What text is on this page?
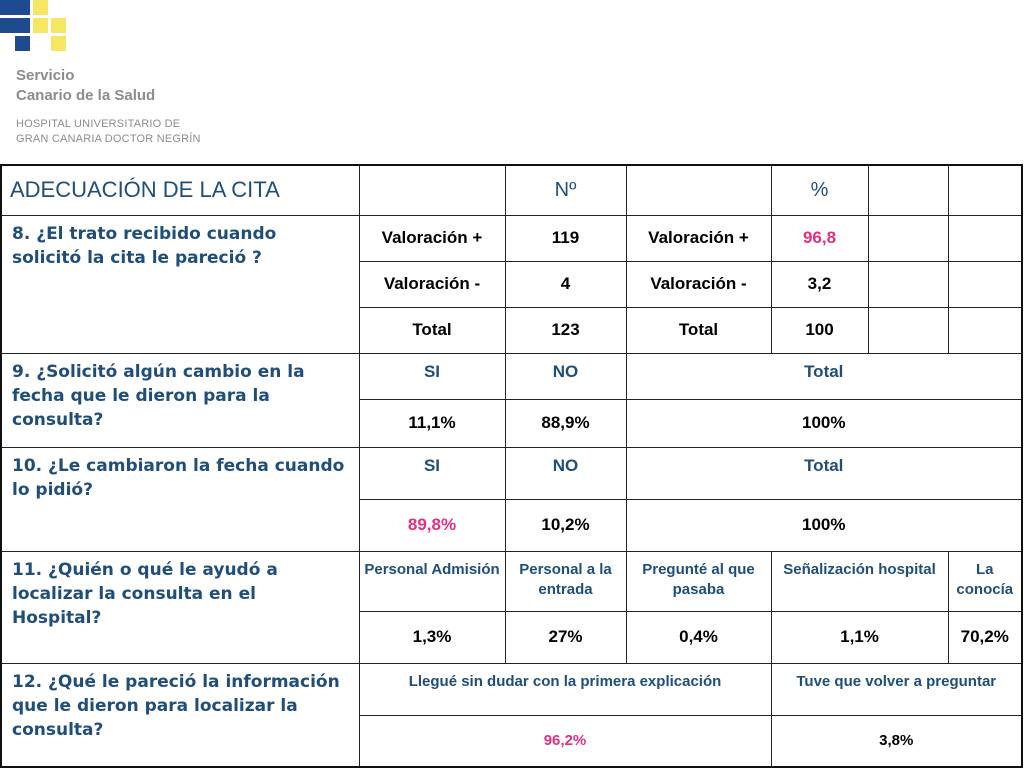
Servicio
Canario de la Salud
HOSPITAL UNIVERSITARIO DE
GRAN CANARIA DOCTOR NEGRÍN
ADECUACIÓN DE LA CITA		Nº		%		
8. ¿El trato recibido cuando solicitó la cita le pareció ?	Valoración +	119	Valoración +	96,8		
	Valoración -	4	Valoración -	3,2		
	Total	123	Total	100		
9. ¿Solicitó algún cambio en la fecha que le dieron para la consulta?	SI	NO	Total			
	11,1%	88,9%	100%			
10. ¿Le cambiaron la fecha cuando lo pidió?	SI	NO	Total			
	89,8%	10,2%	100%			
11. ¿Quién o qué le ayudó a localizar la consulta en el Hospital?	Personal Admisión	Personal a la entrada	Pregunté al que pasaba	Señalización hospital		La conocía
	1,3%	27%	0,4%	1,1%		70,2%
12. ¿Qué le pareció la información que le dieron para localizar la consulta?	Llegué sin dudar con la primera explicación			Tuve que volver a preguntar		
	96,2%			3,8%		
